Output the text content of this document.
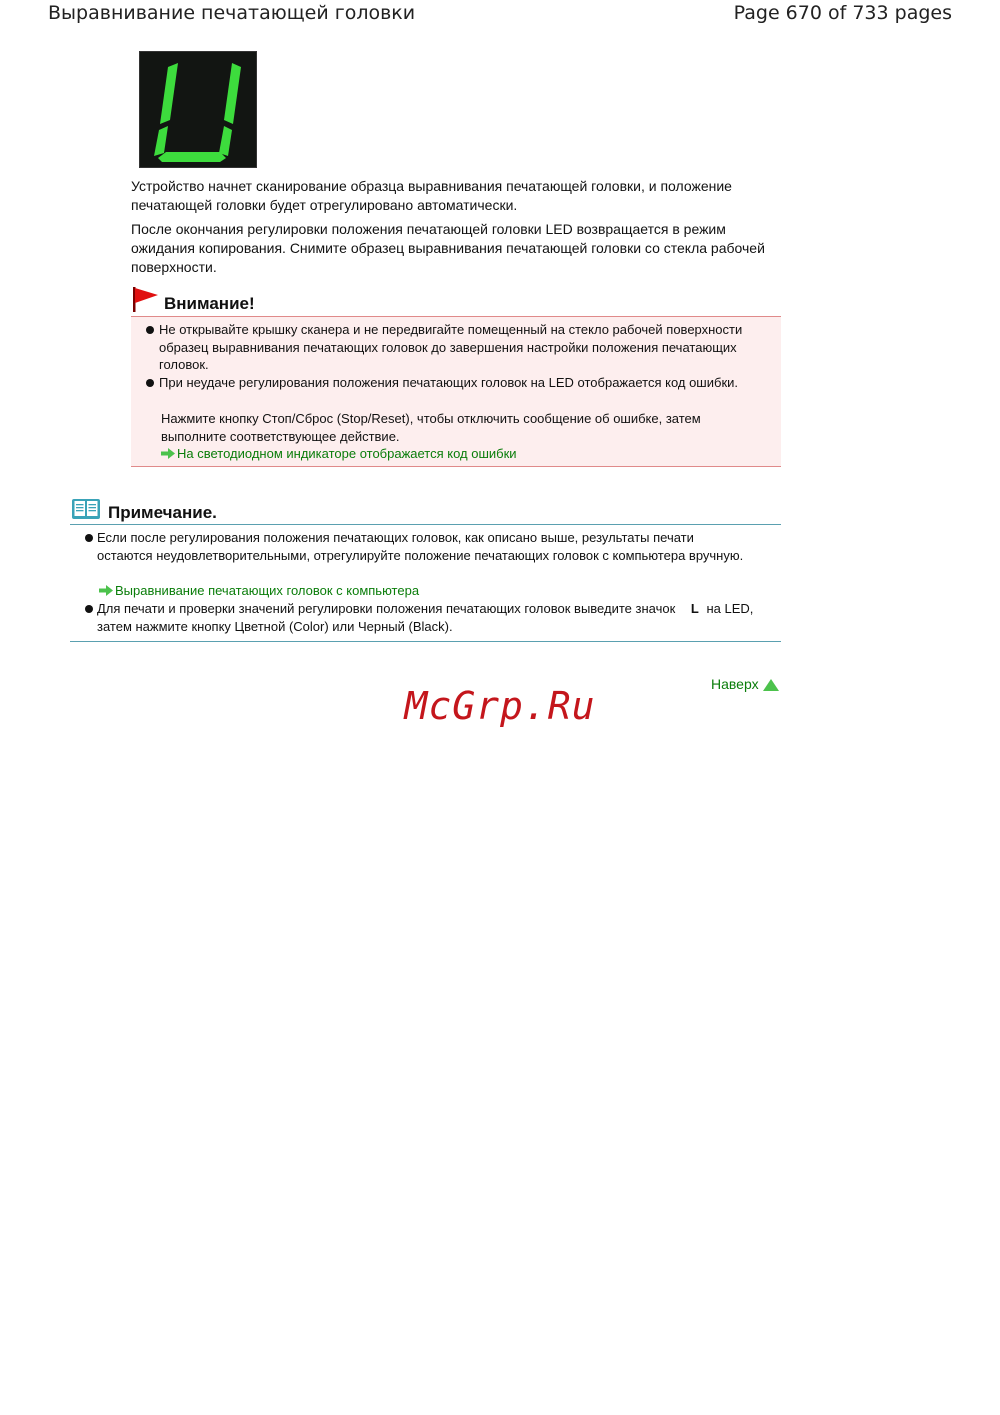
Выравнивание печатающей головки	Page 670 of 733 pages

Устройство начнет сканирование образца выравнивания печатающей головки, и положение печатающей головки будет отрегулировано автоматически.

После окончания регулировки положения печатающей головки LED возвращается в режим ожидания копирования. Снимите образец выравнивания печатающей головки со стекла рабочей поверхности.

Внимание!

Не открывайте крышку сканера и не передвигайте помещенный на стекло рабочей поверхности образец выравнивания печатающих головок до завершения настройки положения печатающих головок.

При неудаче регулирования положения печатающих головок на LED отображается код ошибки.

Нажмите кнопку Стоп/Сброс (Stop/Reset), чтобы отключить сообщение об ошибке, затем выполните соответствующее действие.

На светодиодном индикаторе отображается код ошибки

Примечание.

Если после регулирования положения печатающих головок, как описано выше, результаты печати остаются неудовлетворительными, отрегулируйте положение печатающих головок с компьютера вручную.

Выравнивание печатающих головок с компьютера

Для печати и проверки значений регулировки положения печатающих головок выведите значок L на LED, затем нажмите кнопку Цветной (Color) или Черный (Black).

Наверх
McGrp.Ru
